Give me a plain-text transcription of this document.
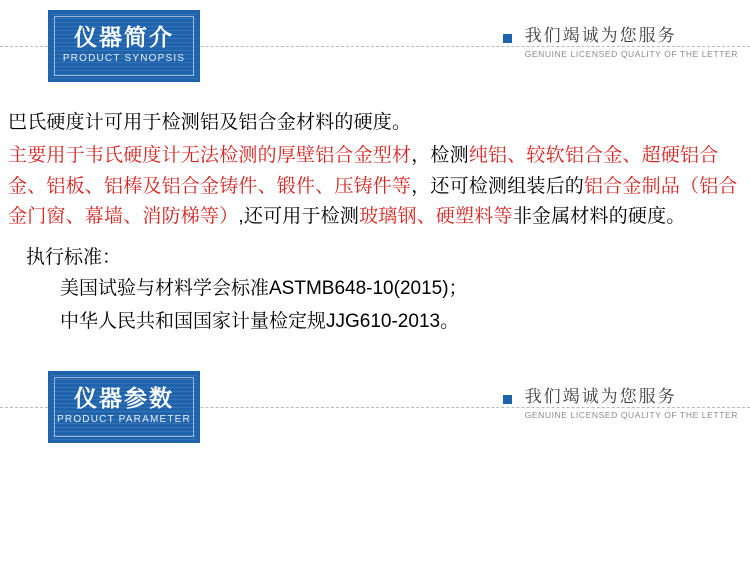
仪器简介
PRODUCT SYNOPSIS
我们竭诚为您服务
GENUINE LICENSED QUALITY OF THE LETTER

巴氏硬度计可用于检测铝及铝合金材料的硬度。

主要用于韦氏硬度计无法检测的厚壁铝合金型材，检测纯铝、较软铝合金、超硬铝合金、铝板、铝棒及铝合金铸件、锻件、压铸件等，还可检测组装后的铝合金制品（铝合金门窗、幕墙、消防梯等）,还可用于检测玻璃钢、硬塑料等非金属材料的硬度。

执行标准：
美国试验与材料学会标准ASTMB648-10(2015)；
中华人民共和国国家计量检定规JJG610-2013。
仪器参数
PRODUCT PARAMETER
我们竭诚为您服务
GENUINE LICENSED QUALITY OF THE LETTER
